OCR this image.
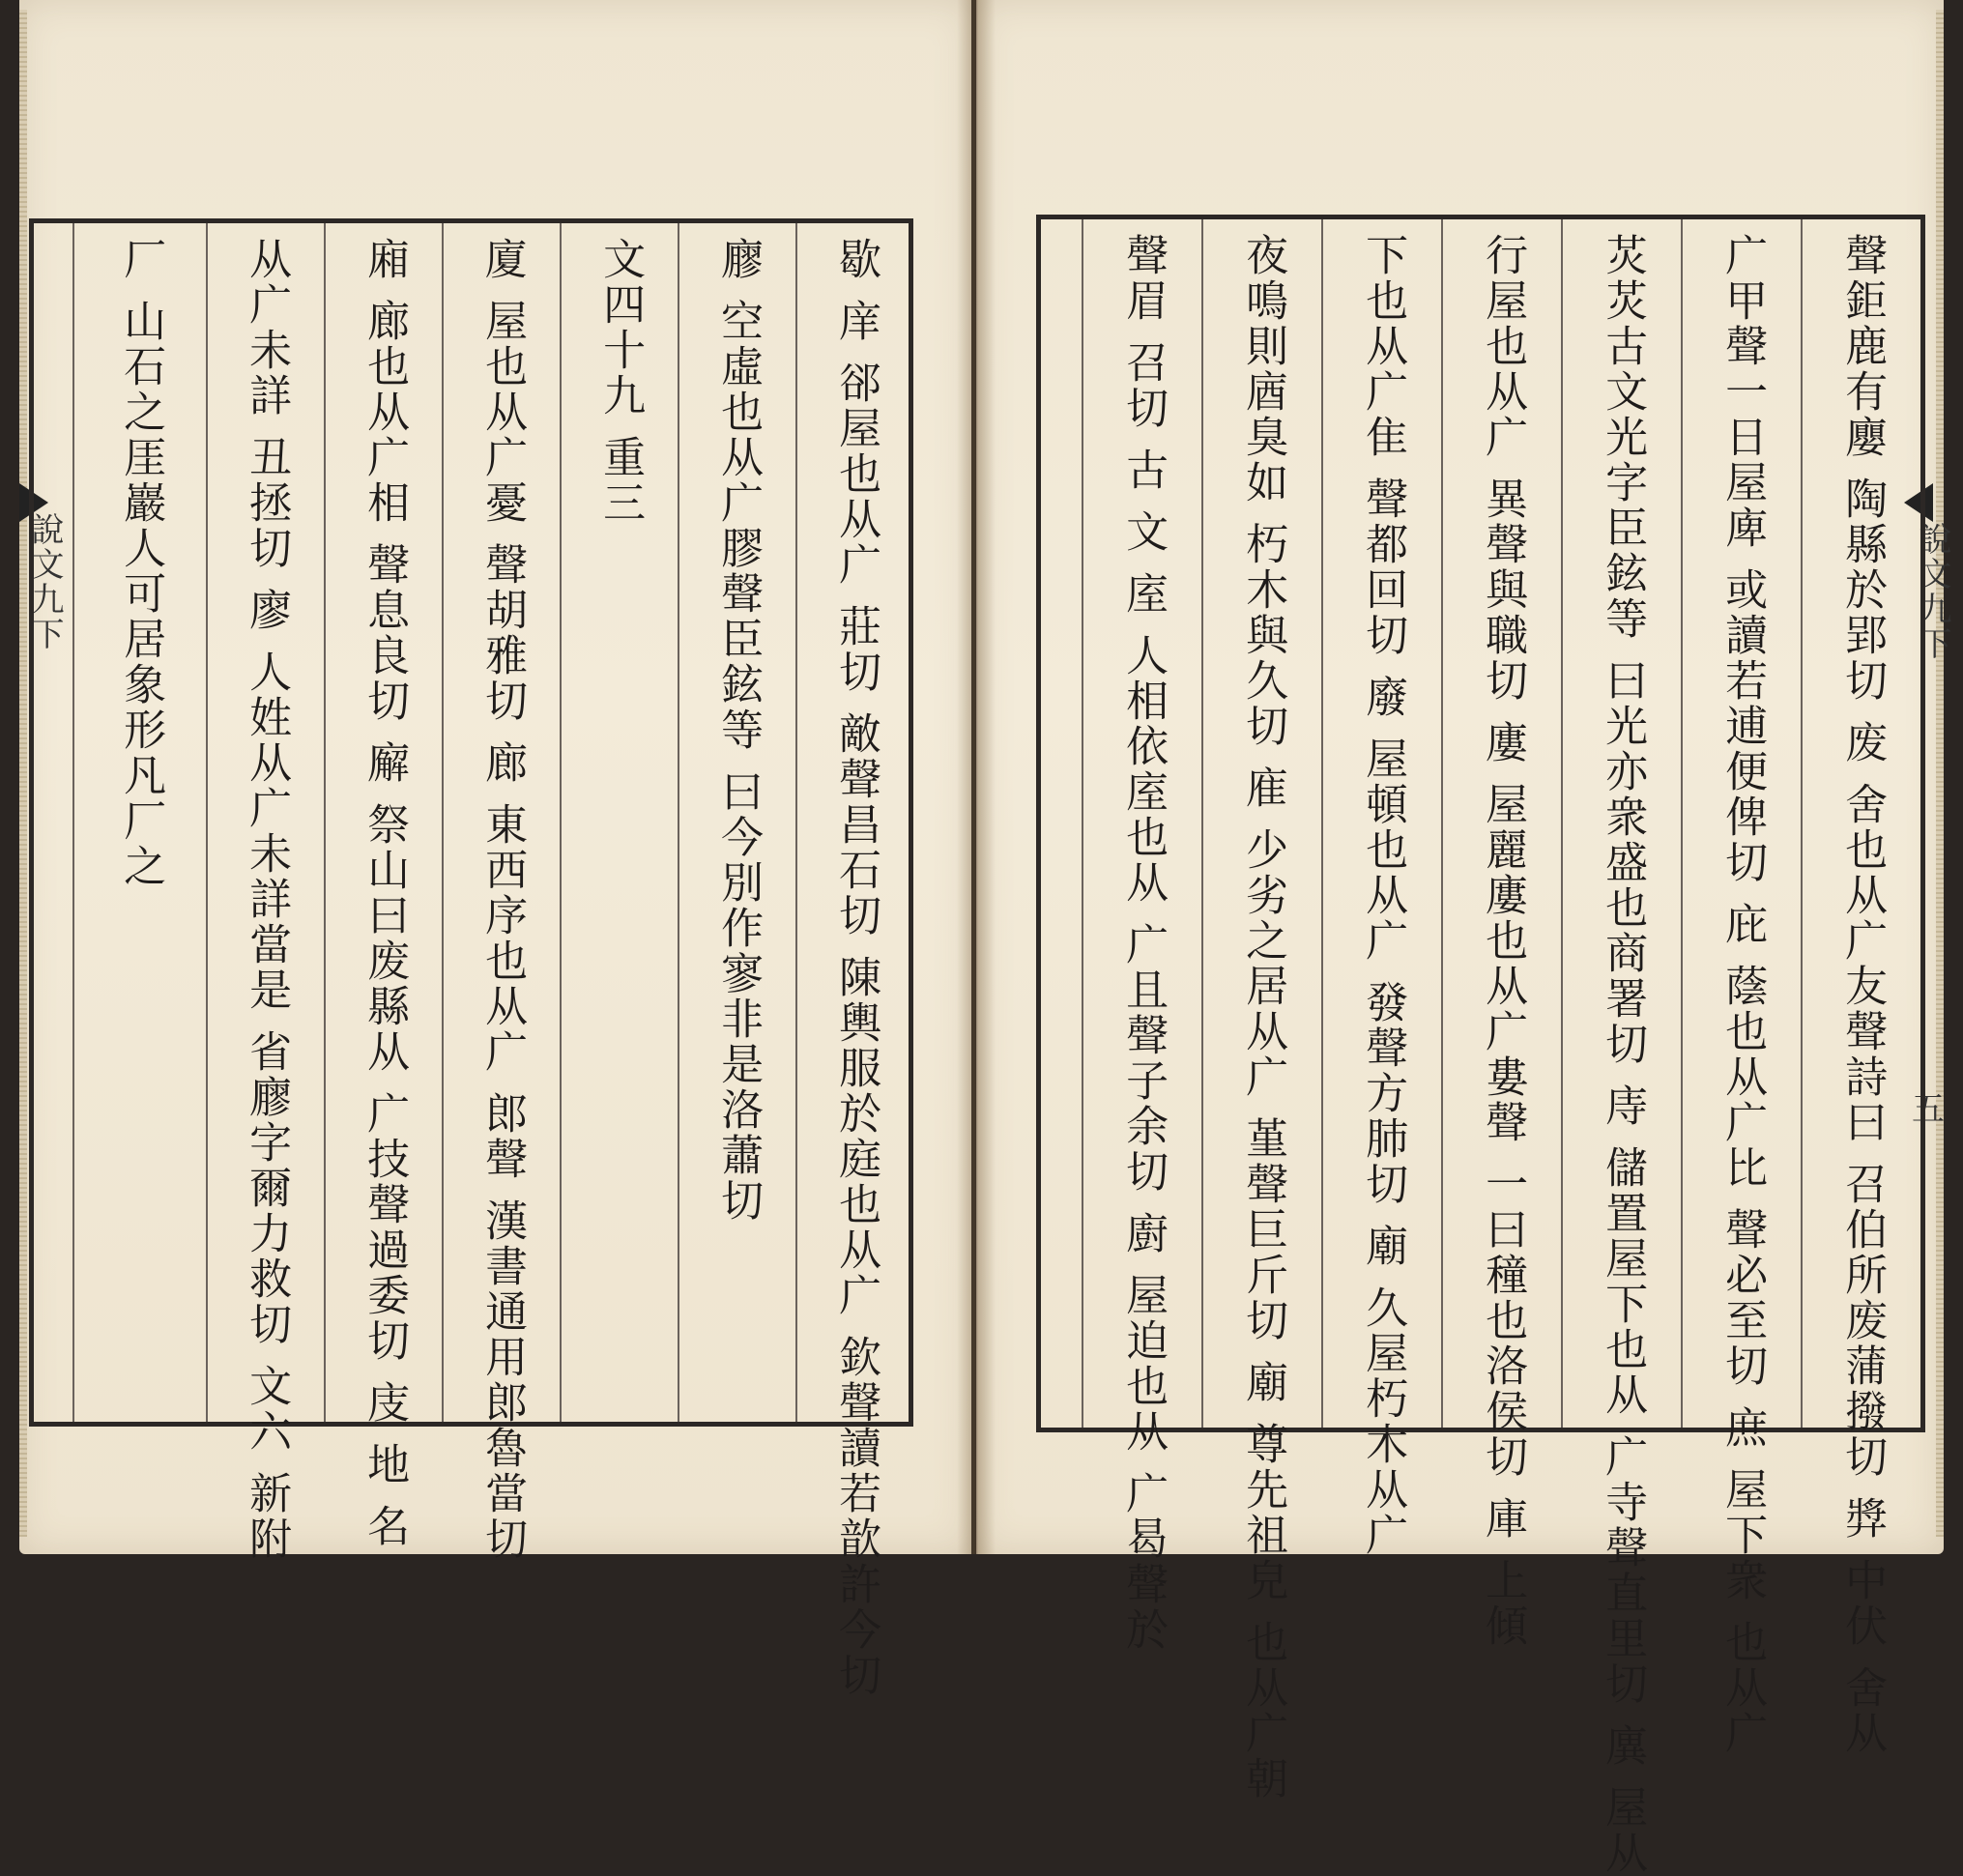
說文九下	說文九下
五
歇 庠 郤屋也从广 莊切 敵聲昌石切 陳輿服於庭也从广 欽聲讀若歆許今切
廫 空虛也从广膠聲臣鉉等 曰今別作寥非是洛蕭切
文四十九 重三
廈 屋也从广憂 聲胡雅切 廊 東西序也从广 郎聲 漢書通用郎魯當切
廂 廊也从广相 聲息良切 廨 祭山曰废縣从 广技聲過委切 庋 地 名
从广未詳 丑拯切 廖 人姓从广未詳當是 省廫字爾力救切 文六 新附
厂 山石之厓巖人可居象形凡厂之	聲鉅鹿有廮 陶縣於郢切 废 舍也从广友聲詩曰 召伯所废蒲撥切 㢡 中伏 舍从
广甲聲一日屋庳 或讀若逋便俾切 庇 蔭也从广比 聲必至切 庶 屋下衆 也从广
炗炗古文光字臣鉉等 曰光亦衆盛也商署切 庤 儲置屋下也从 广寺聲直里切 廙 屋从
行屋也从广 異聲與職切 廔 屋麗廔也从广婁聲 一曰穜也洛侯切 庫 上傾
下也从广隹 聲都回切 廢 屋頓也从广 發聲方肺切 廟 久屋朽木从广
夜鳴則庮臭如 朽木與久切 㢈 少劣之居从广 堇聲巨斤切 廟 尊先祖皃 也从广朝
聲眉 召切 古 文 庢 人相依庢也从 广且聲子余切 廚 屋迫也从 广曷聲於
